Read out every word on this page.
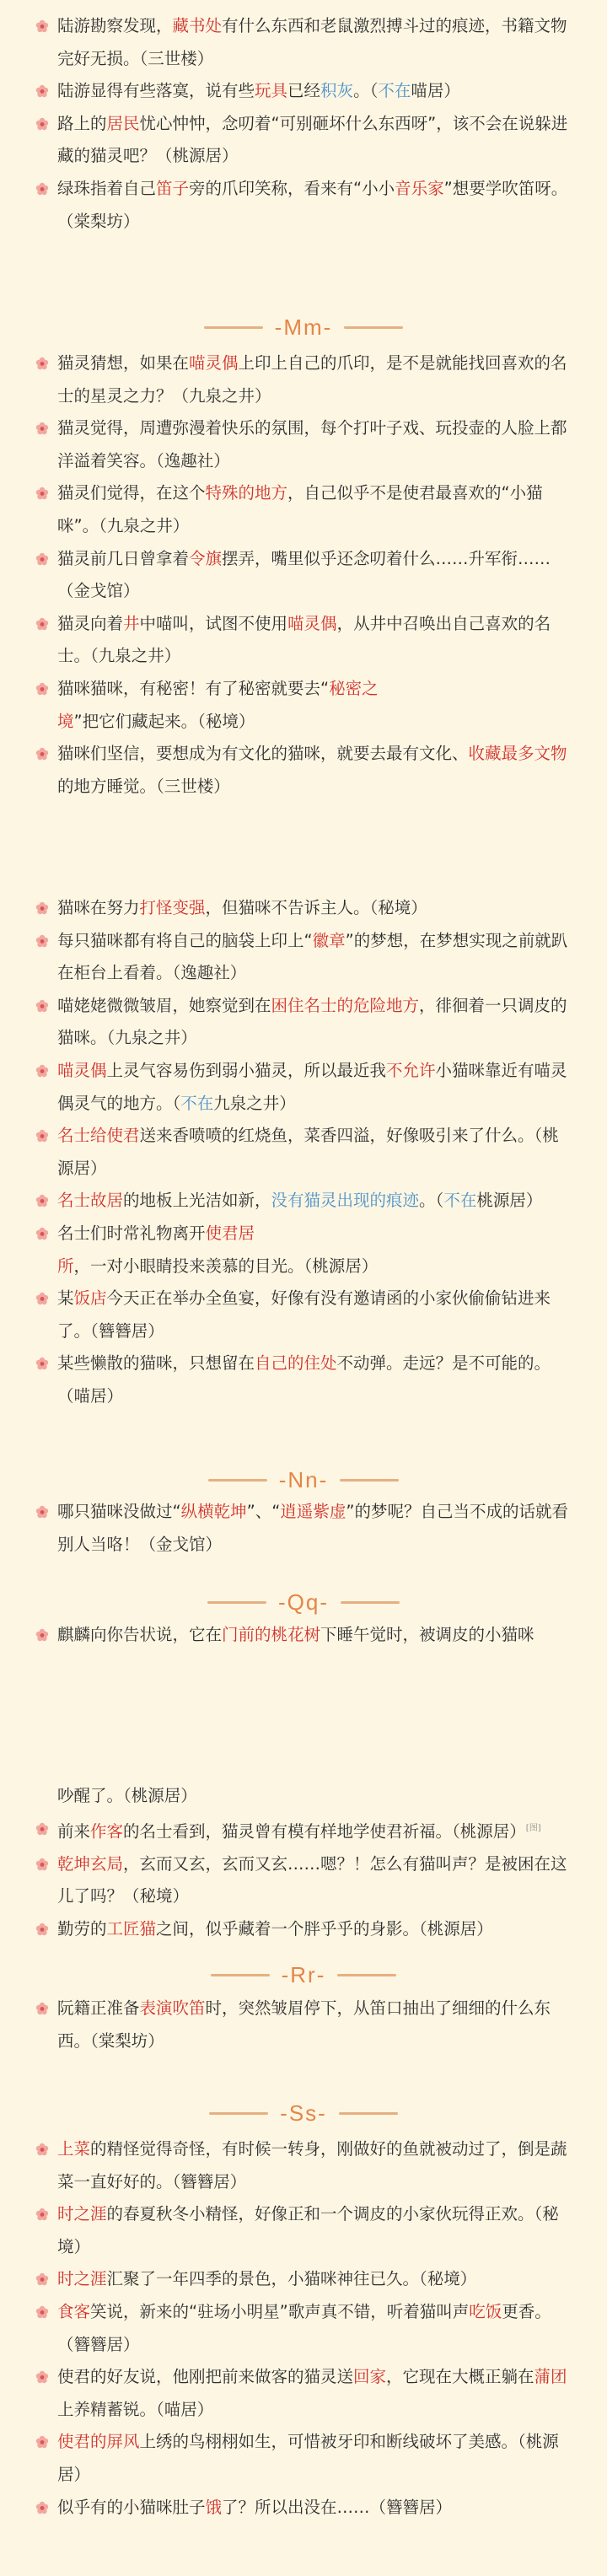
陆游勘察发现，藏书处有什么东西和老鼠激烈搏斗过的痕迹，书籍文物完好无损。（三世楼）
陆游显得有些落寞，说有些玩具已经积灰。（不在喵居）
路上的居民忧心忡忡，念叨着“可别砸坏什么东西呀”，该不会在说躲进藏的猫灵吧？（桃源居）
绿珠指着自己笛子旁的爪印笑称，看来有“小小音乐家”想要学吹笛呀。（棠梨坊）
-Mm-
猫灵猜想，如果在喵灵偶上印上自己的爪印，是不是就能找回喜欢的名士的星灵之力？（九泉之井）
猫灵觉得，周遭弥漫着快乐的氛围，每个打叶子戏、玩投壶的人脸上都洋溢着笑容。（逸趣社）
猫灵们觉得，在这个特殊的地方，自己似乎不是使君最喜欢的“小猫咪”。（九泉之井）
猫灵前几日曾拿着令旗摆弄，嘴里似乎还念叨着什么……升军衔……（金戈馆）
猫灵向着井中喵叫，试图不使用喵灵偶，从井中召唤出自己喜欢的名士。（九泉之井）
猫咪猫咪，有秘密！有了秘密就要去“秘密之境”把它们藏起来。（秘境）
猫咪们坚信，要想成为有文化的猫咪，就要去最有文化、收藏最多文物的地方睡觉。（三世楼）
猫咪在努力打怪变强，但猫咪不告诉主人。（秘境）
每只猫咪都有将自己的脑袋上印上“徽章”的梦想，在梦想实现之前就趴在柜台上看着。（逸趣社）
喵姥姥微微皱眉，她察觉到在困住名士的危险地方，徘徊着一只调皮的猫咪。（九泉之井）
喵灵偶上灵气容易伤到弱小猫灵，所以最近我不允许小猫咪靠近有喵灵偶灵气的地方。（不在九泉之井）
名士给使君送来香喷喷的红烧鱼，菜香四溢，好像吸引来了什么。（桃源居）
名士故居的地板上光洁如新，没有猫灵出现的痕迹。（不在桃源居）
名士们时常礼物离开使君居所，一对小眼睛投来羡慕的目光。（桃源居）
某饭店今天正在举办全鱼宴，好像有没有邀请函的小家伙偷偷钻进来了。（簪簪居）
某些懒散的猫咪，只想留在自己的住处不动弹。走远？是不可能的。（喵居）
-Nn-
哪只猫咪没做过“纵横乾坤”、“逍遥紫虚”的梦呢？自己当不成的话就看别人当咯！（金戈馆）
-Qq-
麒麟向你告状说，它在门前的桃花树下睡午觉时，被调皮的小猫咪
吵醒了。（桃源居）
前来作客的名士看到，猫灵曾有模有样地学使君祈福。（桃源居）[图]
乾坤玄局，玄而又玄，玄而又玄……嗯？！怎么有猫叫声？是被困在这儿了吗？（秘境）
勤劳的工匠猫之间，似乎藏着一个胖乎乎的身影。（桃源居）
-Rr-
阮籍正准备表演吹笛时，突然皱眉停下，从笛口抽出了细细的什么东西。（棠梨坊）
-Ss-
上菜的精怪觉得奇怪，有时候一转身，刚做好的鱼就被动过了，倒是蔬菜一直好好的。（簪簪居）
时之涯的春夏秋冬小精怪，好像正和一个调皮的小家伙玩得正欢。（秘境）
时之涯汇聚了一年四季的景色，小猫咪神往已久。（秘境）
食客笑说，新来的“驻场小明星”歌声真不错，听着猫叫声吃饭更香。（簪簪居）
使君的好友说，他刚把前来做客的猫灵送回家，它现在大概正躺在蒲团上养精蓄锐。（喵居）
使君的屏风上绣的鸟栩栩如生，可惜被牙印和断线破坏了美感。（桃源居）
似乎有的小猫咪肚子饿了？所以出没在……（簪簪居）
